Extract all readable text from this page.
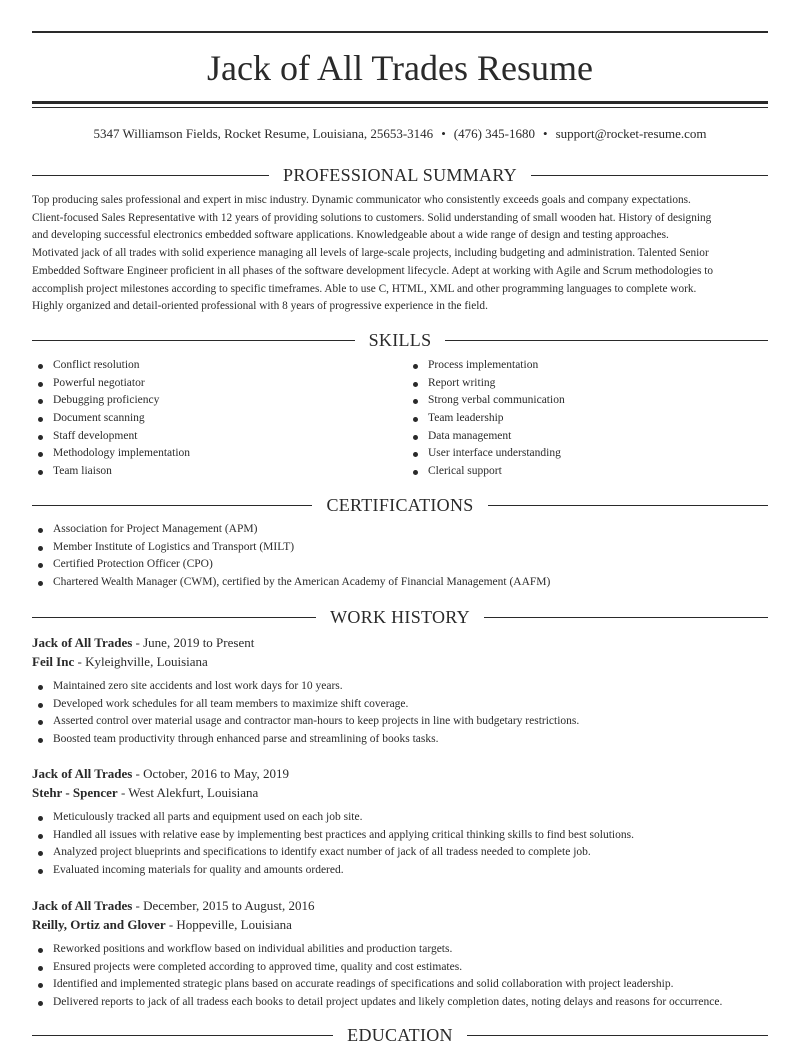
Jack of All Trades Resume
5347 Williamson Fields, Rocket Resume, Louisiana, 25653-3146 • (476) 345-1680 • support@rocket-resume.com
PROFESSIONAL SUMMARY

Top producing sales professional and expert in misc industry. Dynamic communicator who consistently exceeds goals and company expectations.

Client-focused Sales Representative with 12 years of providing solutions to customers. Solid understanding of small wooden hat. History of designing

and developing successful electronics embedded software applications. Knowledgeable about a wide range of design and testing approaches.

Motivated jack of all trades with solid experience managing all levels of large-scale projects, including budgeting and administration. Talented Senior

Embedded Software Engineer proficient in all phases of the software development lifecycle. Adept at working with Agile and Scrum methodologies to

accomplish project milestones according to specific timeframes. Able to use C, HTML, XML and other programming languages to complete work.

Highly organized and detail-oriented professional with 8 years of progressive experience in the field.

SKILLS
Conflict resolution
Powerful negotiator
Debugging proficiency
Document scanning
Staff development
Methodology implementation
Team liaison
Process implementation
Report writing
Strong verbal communication
Team leadership
Data management
User interface understanding
Clerical support
CERTIFICATIONS
Association for Project Management (APM)
Member Institute of Logistics and Transport (MILT)
Certified Protection Officer (CPO)
Chartered Wealth Manager (CWM), certified by the American Academy of Financial Management (AAFM)
WORK HISTORY
Jack of All Trades - June, 2019 to Present
Feil Inc - Kyleighville, Louisiana
Maintained zero site accidents and lost work days for 10 years.
Developed work schedules for all team members to maximize shift coverage.
Asserted control over material usage and contractor man-hours to keep projects in line with budgetary restrictions.
Boosted team productivity through enhanced parse and streamlining of books tasks.
Jack of All Trades - October, 2016 to May, 2019
Stehr - Spencer - West Alekfurt, Louisiana
Meticulously tracked all parts and equipment used on each job site.
Handled all issues with relative ease by implementing best practices and applying critical thinking skills to find best solutions.
Analyzed project blueprints and specifications to identify exact number of jack of all tradess needed to complete job.
Evaluated incoming materials for quality and amounts ordered.
Jack of All Trades - December, 2015 to August, 2016
Reilly, Ortiz and Glover - Hoppeville, Louisiana
Reworked positions and workflow based on individual abilities and production targets.
Ensured projects were completed according to approved time, quality and cost estimates.
Identified and implemented strategic plans based on accurate readings of specifications and solid collaboration with project leadership.
Delivered reports to jack of all tradess each books to detail project updates and likely completion dates, noting delays and reasons for occurrence.
EDUCATION
